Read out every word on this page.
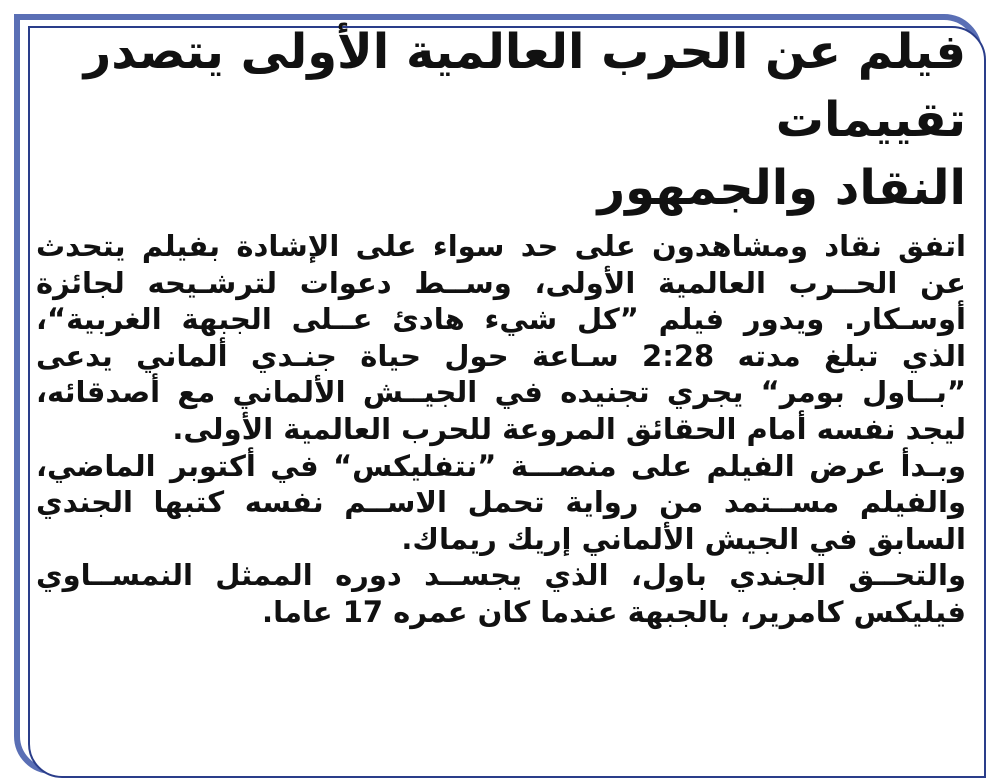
فيلم عن الحرب العالمية الأولى يتصدر تقييمات
النقاد والجمهور

اتفق نقاد ومشاهدون على حد سواء على الإشادة بفيلم يتحدث
عن الحــرب العالمية الأولى، وســط دعوات لترشـيحه لجائزة
أوسـكار. ويدور فيلم ”كل شيء هادئ عــلى الجبهة الغربية“،
الذي تبلغ مدته 2:28 سـاعة حول حياة جنـدي ألماني يدعى
”بــاول بومر“ يجري تجنيده في الجيــش الألماني مع أصدقائه،
ليجد نفسه أمام الحقائق المروعة للحرب العالمية الأولى.

وبـدأ عرض الفيلم على منصـــة ”نتفليكس“ في أكتوبر الماضي،
والفيلم مســتمد من رواية تحمل الاســم نفسه كتبها الجندي
السابق في الجيش الألماني إريك ريماك.

والتحــق الجندي باول، الذي يجســد دوره الممثل النمســاوي
فيليكس كامرير، بالجبهة عندما كان عمره 17 عاما.
